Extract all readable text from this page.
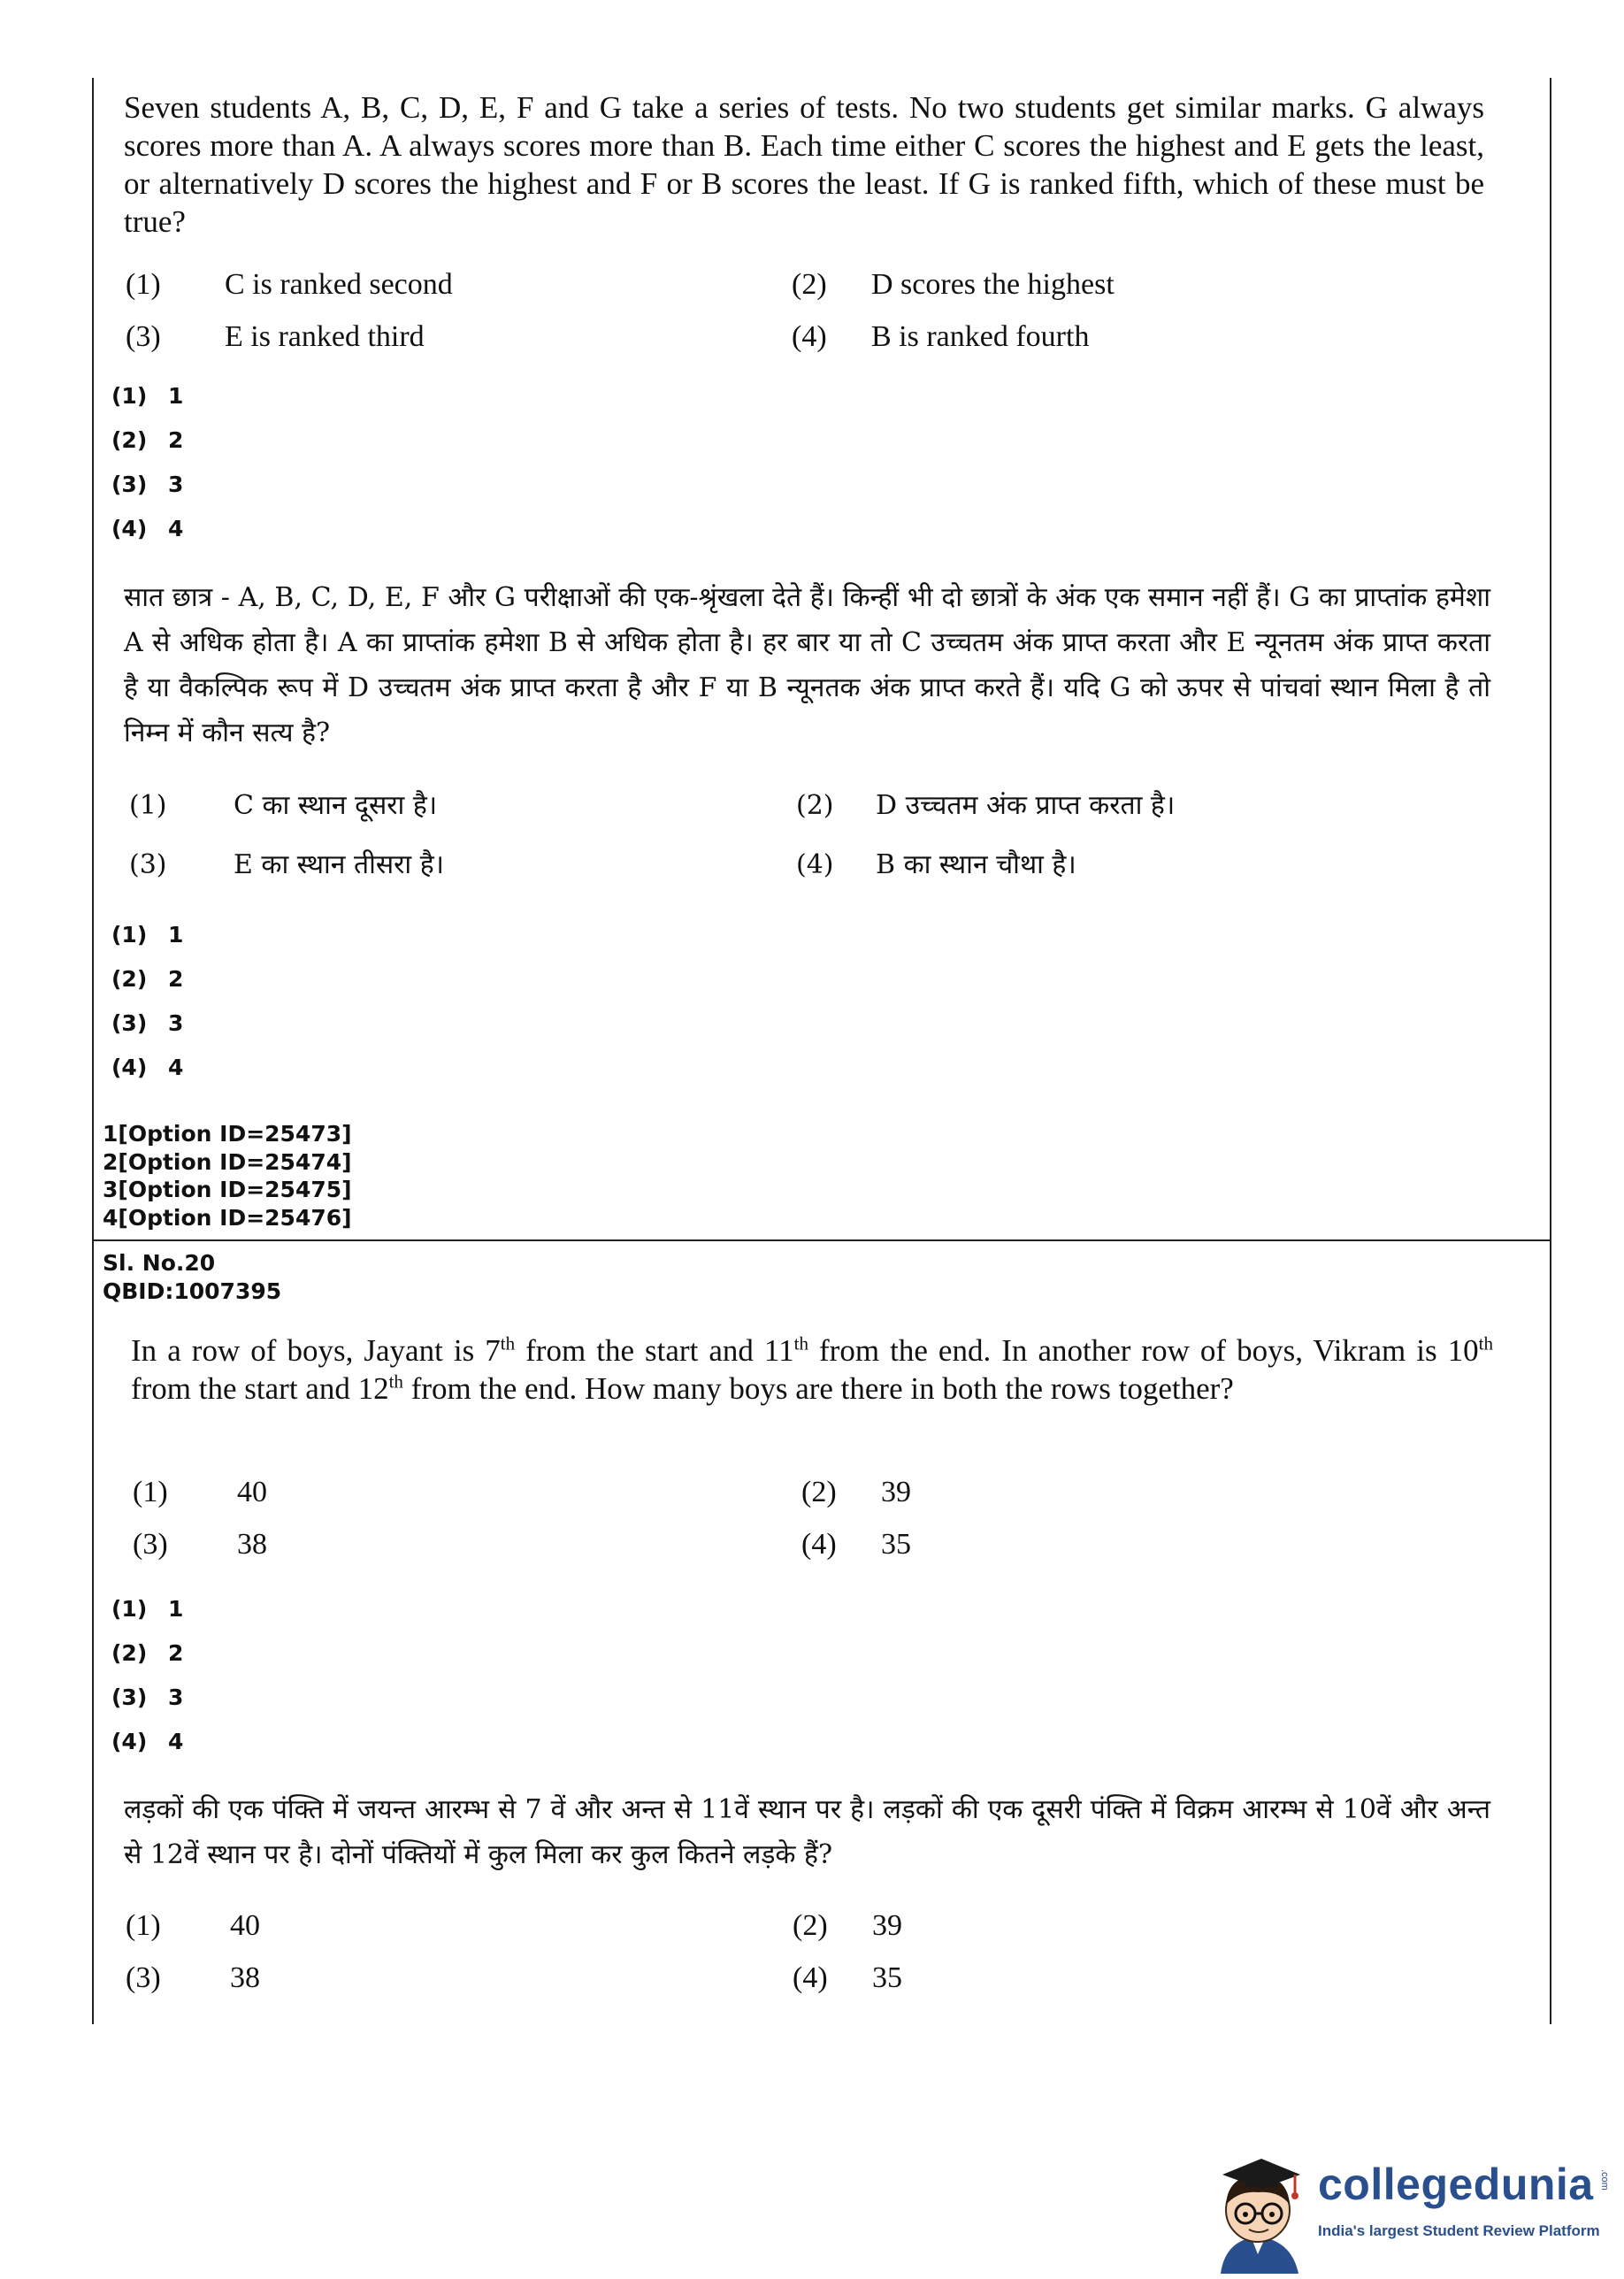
Seven students A, B, C, D, E, F and G take a series of tests. No two students get similar marks. G always scores more than A. A always scores more than B. Each time either C scores the highest and E gets the least, or alternatively D scores the highest and F or B scores the least. If G is ranked fifth, which of these must be true?
(1) C is ranked second	(2) D scores the highest
(3) E is ranked third	(4) B is ranked fourth
(1) 1
(2) 2
(3) 3
(4) 4
सात छात्र - A, B, C, D, E, F और G परीक्षाओं की एक-श्रृंखला देते हैं। किन्हीं भी दो छात्रों के अंक एक समान नहीं हैं। G का प्राप्तांक हमेशा A से अधिक होता है। A का प्राप्तांक हमेशा B से अधिक होता है। हर बार या तो C उच्चतम अंक प्राप्त करता और E न्यूनतम अंक प्राप्त करता है या वैकल्पिक रूप में D उच्चतम अंक प्राप्त करता है और F या B न्यूनतक अंक प्राप्त करते हैं। यदि G को ऊपर से पांचवां स्थान मिला है तो निम्न में कौन सत्य है?
(1)	C का स्थान दूसरा है।	(2) D उच्चतम अंक प्राप्त करता है।
(3)	E का स्थान तीसरा है।	(4) B का स्थान चौथा है।
(1) 1
(2) 2
(3) 3
(4) 4
1[Option ID=25473]
2[Option ID=25474]
3[Option ID=25475]
4[Option ID=25476]
Sl. No.20
QBID:1007395
In a row of boys, Jayant is 7th from the start and 11th from the end. In another row of boys, Vikram is 10th from the start and 12th from the end. How many boys are there in both the rows together?
(1) 40	(2) 39
(3) 38	(4) 35
(1) 1
(2) 2
(3) 3
(4) 4
लड़कों की एक पंक्ति में जयन्त आरम्भ से 7 वें और अन्त से 11वें स्थान पर है। लड़कों की एक दूसरी पंक्ति में विक्रम आरम्भ से 10वें और अन्त से 12वें स्थान पर है। दोनों पंक्तियों में कुल मिला कर कुल कितने लड़के हैं?
(1) 40	(2) 39
(3) 38	(4) 35
collegedunia .com
India's largest Student Review Platform
